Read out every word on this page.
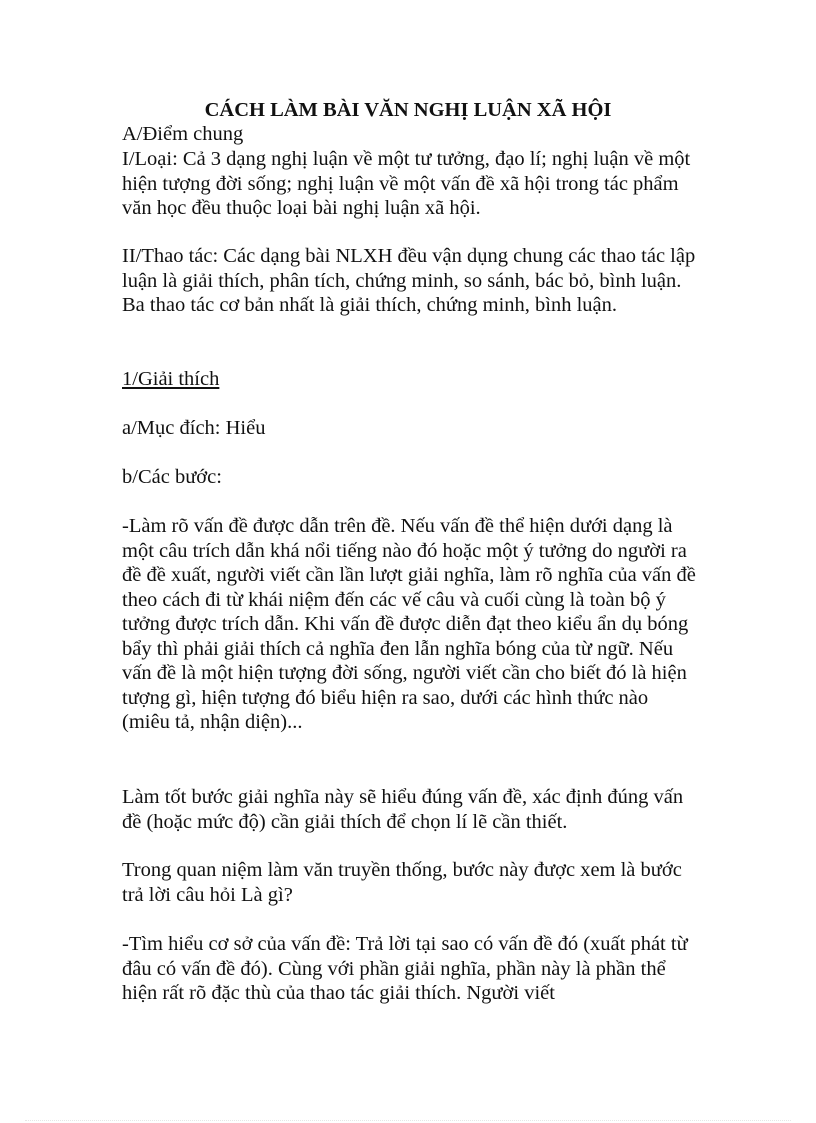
CÁCH LÀM BÀI VĂN NGHỊ LUẬN XÃ HỘI

A/Điểm chung

I/Loại: Cả 3 dạng nghị luận về một tư tưởng, đạo lí; nghị luận về một hiện tượng đời sống; nghị luận về một vấn đề xã hội trong tác phẩm văn học đều thuộc loại bài nghị luận xã hội.

II/Thao tác: Các dạng bài NLXH đều vận dụng chung các thao tác lập luận là giải thích, phân tích, chứng minh, so sánh, bác bỏ, bình luận. Ba thao tác cơ bản nhất là giải thích, chứng minh, bình luận.

1/Giải thích

a/Mục đích: Hiểu

b/Các bước:

-Làm rõ vấn đề được dẫn trên đề. Nếu vấn đề thể hiện dưới dạng là một câu trích dẫn khá nổi tiếng nào đó hoặc một ý tưởng do người ra đề đề xuất, người viết cần lần lượt giải nghĩa, làm rõ nghĩa của vấn đề theo cách đi từ khái niệm đến các vế câu và cuối cùng là toàn bộ ý tưởng được trích dẫn. Khi vấn đề được diễn đạt theo kiểu ẩn dụ bóng bẩy thì phải giải thích cả nghĩa đen lẫn nghĩa bóng của từ ngữ. Nếu vấn đề là một hiện tượng đời sống, người viết cần cho biết đó là hiện tượng gì, hiện tượng đó biểu hiện ra sao, dưới các hình thức nào (miêu tả, nhận diện)...

Làm tốt bước giải nghĩa này sẽ hiểu đúng vấn đề, xác định đúng vấn đề (hoặc mức độ) cần giải thích để chọn lí lẽ cần thiết.

Trong quan niệm làm văn truyền thống, bước này được xem là bước trả lời câu hỏi Là gì?

-Tìm hiểu cơ sở của vấn đề: Trả lời tại sao có vấn đề đó (xuất phát từ đâu có vấn đề đó). Cùng với phần giải nghĩa, phần này là phần thể hiện rất rõ đặc thù của thao tác giải thích. Người viết
